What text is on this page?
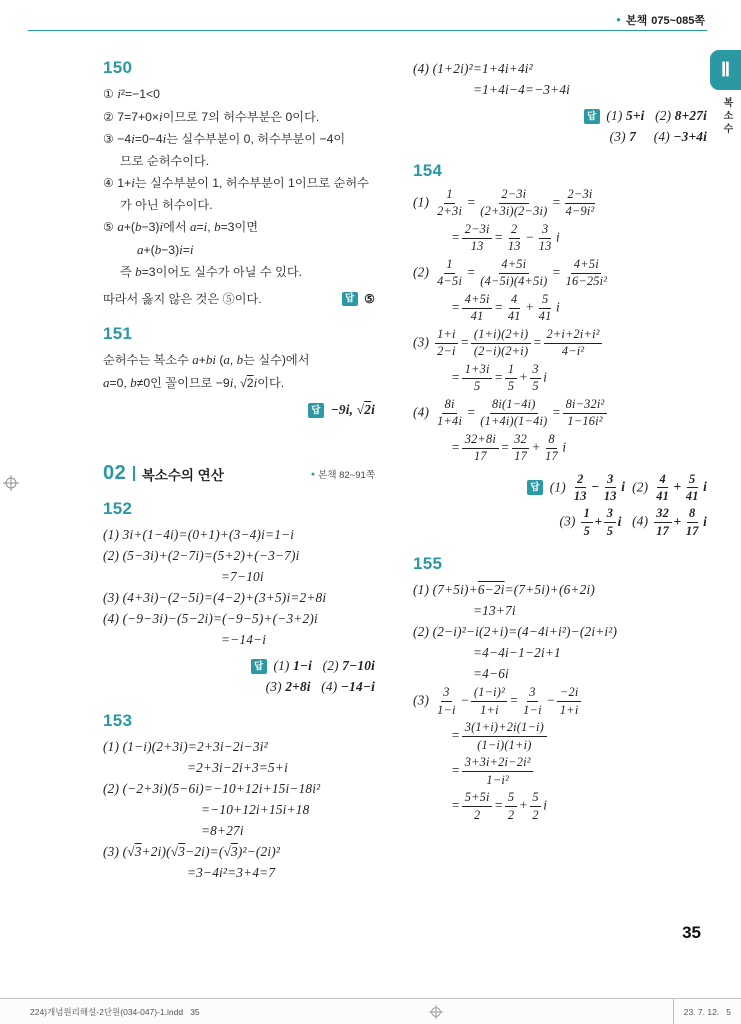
● 본책 075~085쪽
Ⅱ
복소수
150
① i²=−1<0
② 7=7+0×i이므로 7의 허수부분은 0이다.
③ −4i=0−4i는 실수부분이 0, 허수부분이 −4이
므로 순허수이다.
④ 1+i는 실수부분이 1, 허수부분이 1이므로 순허수
가 아닌 허수이다.
⑤ a+(b−3)i에서 a=i, b=3이면
a+(b−3)i=i
즉 b=3이어도 실수가 아닐 수 있다.
따라서 옳지 않은 것은 ⑤이다.	답 ⑤
151
순허수는 복소수 a+bi (a, b는 실수)에서
a=0, b≠0인 꼴이므로 −9i, √2i이다.
답 −9i, √2i
02 복소수의 연산	● 본책 82~91쪽
152
(1) 3i+(1−4i)=(0+1)+(3−4)i=1−i
(2) (5−3i)+(2−7i)=(5+2)+(−3−7)i
=7−10i
(3) (4+3i)−(2−5i)=(4−2)+(3+5)i=2+8i
(4) (−9−3i)−(5−2i)=(−9−5)+(−3+2)i
=−14−i
답 (1) 1−i   (2) 7−10i
(3) 2+8i   (4) −14−i
153
(1) (1−i)(2+3i)=2+3i−2i−3i²
=2+3i−2i+3=5+i
(2) (−2+3i)(5−6i)=−10+12i+15i−18i²
=−10+12i+15i+18
=8+27i
(3) (√3+2i)(√3−2i)=(√3)²−(2i)²
=3−4i²=3+4=7
(4) (1+2i)²=1+4i+4i²
=1+4i−4=−3+4i
답 (1) 5+i   (2) 8+27i
(3) 7     (4) −3+4i
154
$(1) \frac{1}{2+3i} = \frac{2-3i}{(2+3i)(2-3i)} = \frac{2-3i}{\text{4−9i²}}$
= $\frac{2-3i}{13} = \frac{2}{13} - \frac{3}{13}$ i
$(2) \frac{1}{4-5i} = \frac{4+5i}{(4-5i)(4+5i)} = \frac{4+5i}{\text{16−25i²}}$
= $\frac{4+5i}{41} = \frac{4}{41} + \frac{5}{41}$ i
$(3) \frac{1+i}{2-i} = \frac{(1+i)(2+i)}{(2-i)(2+i)} = \frac{\text{2+i+2i+i²}}{\text{4−i²}}$
= $\frac{1+3i}{5} = \frac{1}{5} + \frac{3}{5}$ i
$(4) \frac{8i}{1+4i} = \frac{8i(1-4i)}{(1+4i)(1-4i)} = \frac{\text{8i−32i²}}{\text{1−16i²}}$
= $\frac{32+8i}{17} = \frac{32}{17} + \frac{8}{17}$ i
답 $(1) \frac{2}{13} - \frac{3}{13}$ i  $(2) \frac{4}{41} + \frac{5}{41}$ i
$(3) \frac{1}{5} + \frac{3}{5}$ i   $(4) \frac{32}{17} + \frac{8}{17}$ i
155
(1) (7+5i)+6−2i=(7+5i)+(6+2i)
=13+7i
(2) (2−i)²−i(2+i)=(4−4i+i²)−(2i+i²)
=4−4i−1−2i+1
=4−6i
$(3) \frac{3}{1-i} - \frac{\text{(1−i)²}}{1+i} = \frac{3}{1-i} - \frac{-2i}{1+i}$
= $\frac{3(1+i)+2i(1-i)}{(1-i)(1+i)}$
= $\frac{\text{3+3i+2i−2i²}}{\text{1−i²}}$
= $\frac{5+5i}{2} = \frac{5}{2} + \frac{5}{2}$ i
35
224)개념원리해설-2단원(034-047)-1.indd   35	23. 7. 12.   5
